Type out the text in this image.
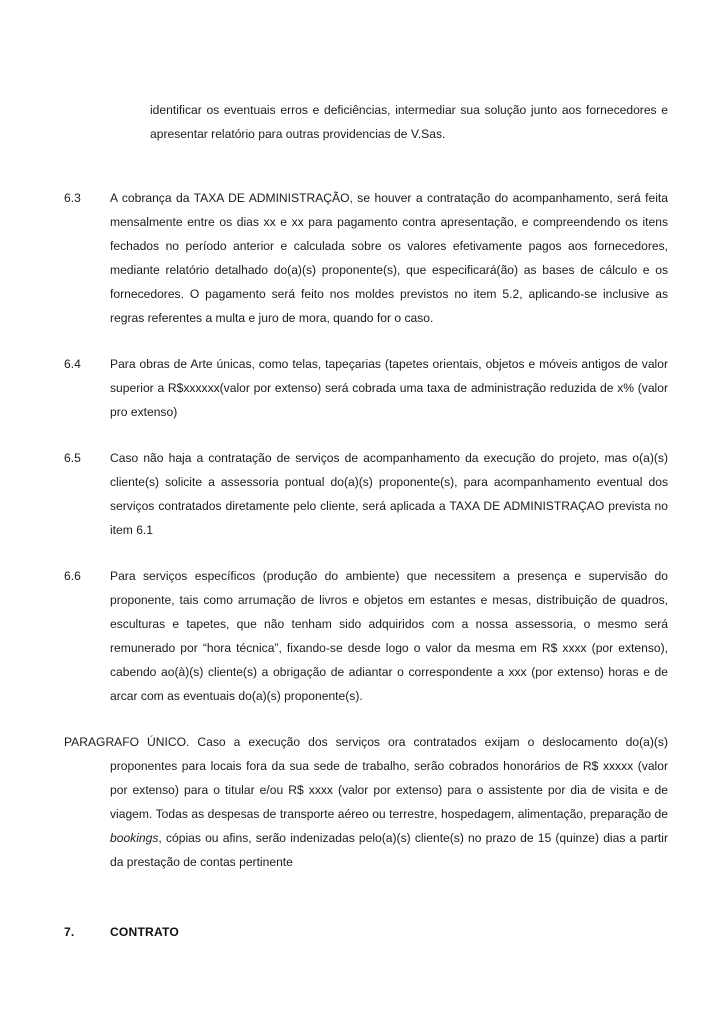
identificar os eventuais erros e deficiências, intermediar sua solução junto aos fornecedores e apresentar relatório para outras providencias de V.Sas.

6.3	A cobrança da TAXA DE ADMINISTRAÇÃO, se houver a contratação do acompanhamento, será feita mensalmente entre os dias xx e xx para pagamento contra apresentação, e compreendendo os itens fechados no período anterior e calculada sobre os valores efetivamente pagos aos fornecedores, mediante relatório detalhado do(a)(s) proponente(s), que especificará(ão) as bases de cálculo e os fornecedores. O pagamento será feito nos moldes previstos no item 5.2, aplicando-se inclusive as regras referentes a multa e juro de mora, quando for o caso.
6.4	Para obras de Arte únicas, como telas, tapeçarias (tapetes orientais, objetos e móveis antigos de valor superior a R$xxxxxx(valor por extenso) será cobrada uma taxa de administração reduzida de x% (valor pro extenso)
6.5	Caso não haja a contratação de serviços de acompanhamento da execução do projeto, mas o(a)(s) cliente(s) solicite a assessoria pontual do(a)(s) proponente(s), para acompanhamento eventual dos serviços contratados diretamente pelo cliente, será aplicada a TAXA DE ADMINISTRAÇAO prevista no item 6.1
6.6	Para serviços específicos (produção do ambiente) que necessitem a presença e supervisão do proponente, tais como arrumação de livros e objetos em estantes e mesas, distribuição de quadros, esculturas e tapetes, que não tenham sido adquiridos com a nossa assessoria, o mesmo será remunerado por “hora técnica”, fixando-se desde logo o valor da mesma em R$ xxxx (por extenso), cabendo ao(à)(s) cliente(s) a obrigação de adiantar o correspondente a xxx (por extenso) horas e de arcar com as eventuais do(a)(s) proponente(s).

PARAGRAFO ÚNICO. Caso a execução dos serviços ora contratados exijam o deslocamento do(a)(s) proponentes para locais fora da sua sede de trabalho, serão cobrados honorários de R$ xxxxx (valor por extenso) para o titular e/ou R$ xxxx (valor por extenso) para o assistente por dia de visita e de viagem. Todas as despesas de transporte aéreo ou terrestre, hospedagem, alimentação, preparação de bookings, cópias ou afins, serão indenizadas pelo(a)(s) cliente(s) no prazo de 15 (quinze) dias a partir da prestação de contas pertinente

7.	CONTRATO
